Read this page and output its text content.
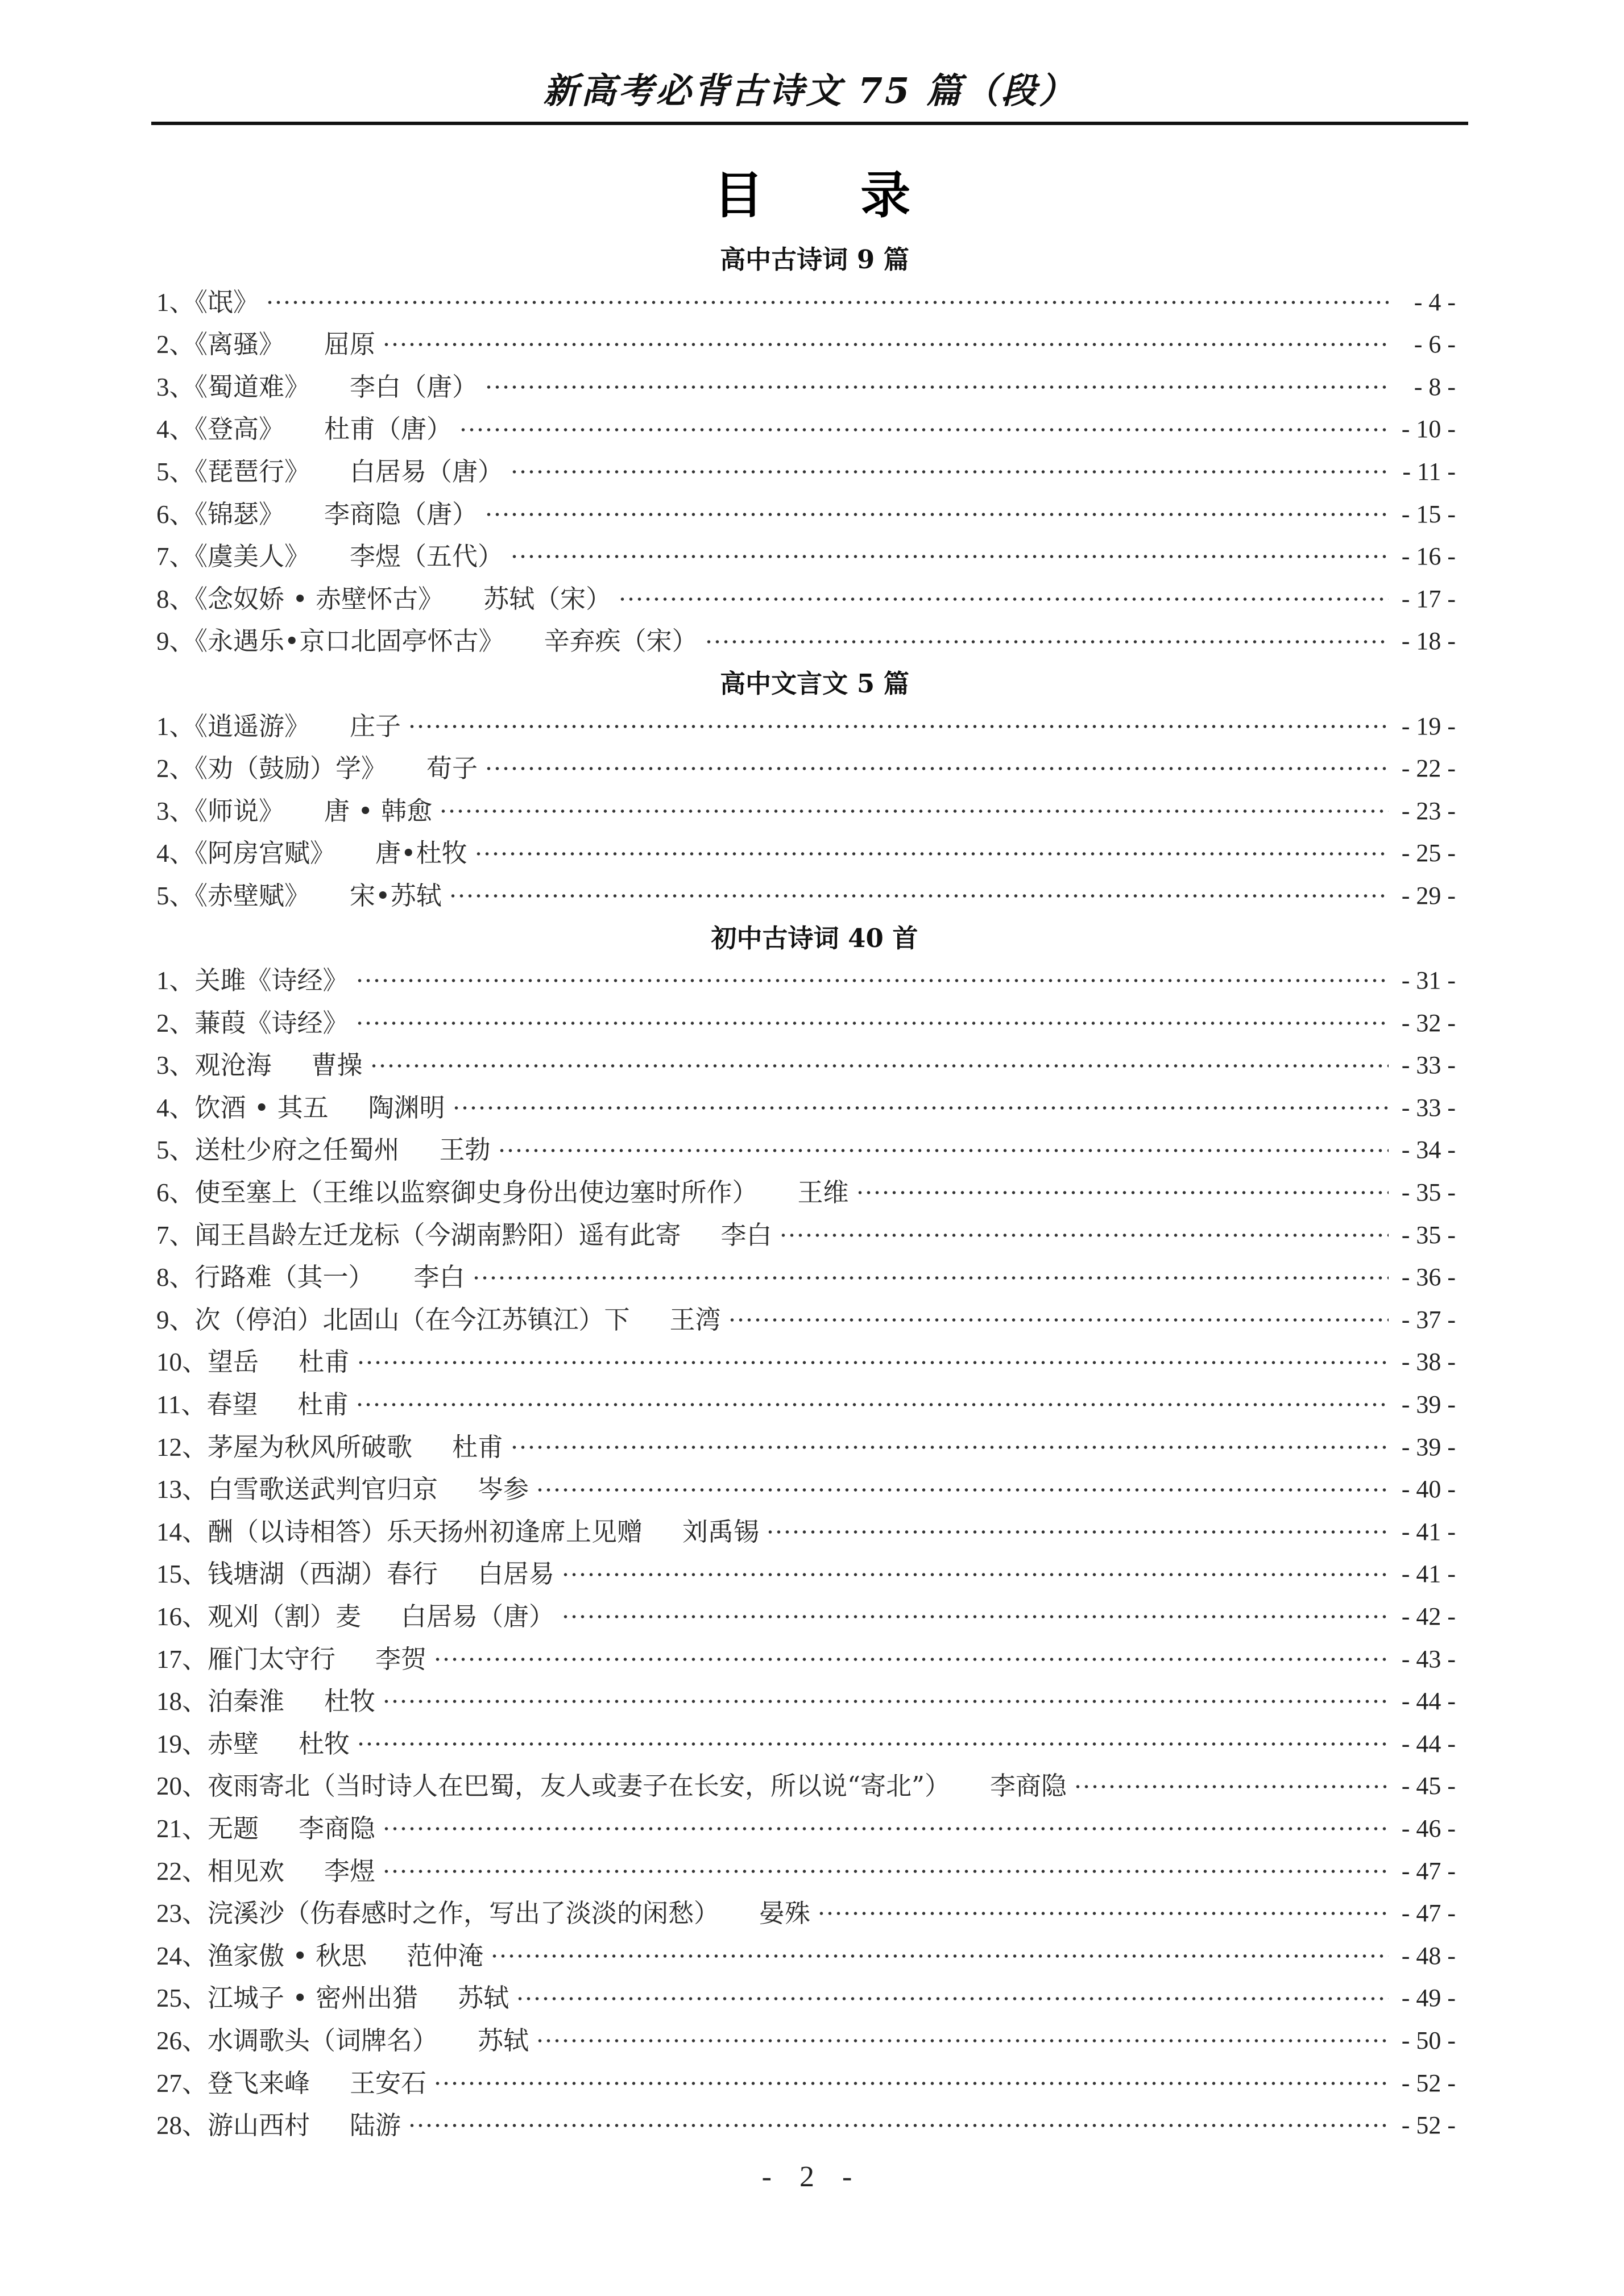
新高考必背古诗文 75 篇（段）
目 录
高中古诗词 9 篇
1、《氓》	- 4 -
2、《离骚》 屈原	- 6 -
3、《蜀道难》 李白（唐）	- 8 -
4、《登高》 杜甫（唐）	- 10 -
5、《琵琶行》 白居易（唐）	- 11 -
6、《锦瑟》 李商隐（唐）	- 15 -
7、《虞美人》 李煜（五代）	- 16 -
8、《念奴娇 • 赤壁怀古》 苏轼（宋）	- 17 -
9、《永遇乐•京口北固亭怀古》 辛弃疾（宋）	- 18 -
高中文言文 5 篇
1、《逍遥游》 庄子	- 19 -
2、《劝（鼓励）学》 荀子	- 22 -
3、《师说》 唐 • 韩愈	- 23 -
4、《阿房宫赋》 唐•杜牧	- 25 -
5、《赤壁赋》 宋•苏轼	- 29 -
初中古诗词 40 首
1、关雎《诗经》	- 31 -
2、蒹葭《诗经》	- 32 -
3、观沧海 曹操	- 33 -
4、饮酒 • 其五 陶渊明	- 33 -
5、送杜少府之任蜀州 王勃	- 34 -
6、使至塞上（王维以监察御史身份出使边塞时所作） 王维	- 35 -
7、闻王昌龄左迁龙标（今湖南黔阳）遥有此寄 李白	- 35 -
8、行路难（其一） 李白	- 36 -
9、次（停泊）北固山（在今江苏镇江）下 王湾	- 37 -
10、望岳 杜甫	- 38 -
11、春望 杜甫	- 39 -
12、茅屋为秋风所破歌 杜甫	- 39 -
13、白雪歌送武判官归京 岑参	- 40 -
14、酬（以诗相答）乐天扬州初逢席上见赠 刘禹锡	- 41 -
15、钱塘湖（西湖）春行 白居易	- 41 -
16、观刈（割）麦 白居易（唐）	- 42 -
17、雁门太守行 李贺	- 43 -
18、泊秦淮 杜牧	- 44 -
19、赤壁 杜牧	- 44 -
20、夜雨寄北（当时诗人在巴蜀，友人或妻子在长安，所以说“寄北”） 李商隐	- 45 -
21、无题 李商隐	- 46 -
22、相见欢 李煜	- 47 -
23、浣溪沙（伤春感时之作，写出了淡淡的闲愁） 晏殊	- 47 -
24、渔家傲 • 秋思 范仲淹	- 48 -
25、江城子 • 密州出猎 苏轼	- 49 -
26、水调歌头（词牌名） 苏轼	- 50 -
27、登飞来峰 王安石	- 52 -
28、游山西村 陆游	- 52 -
- 2 -
